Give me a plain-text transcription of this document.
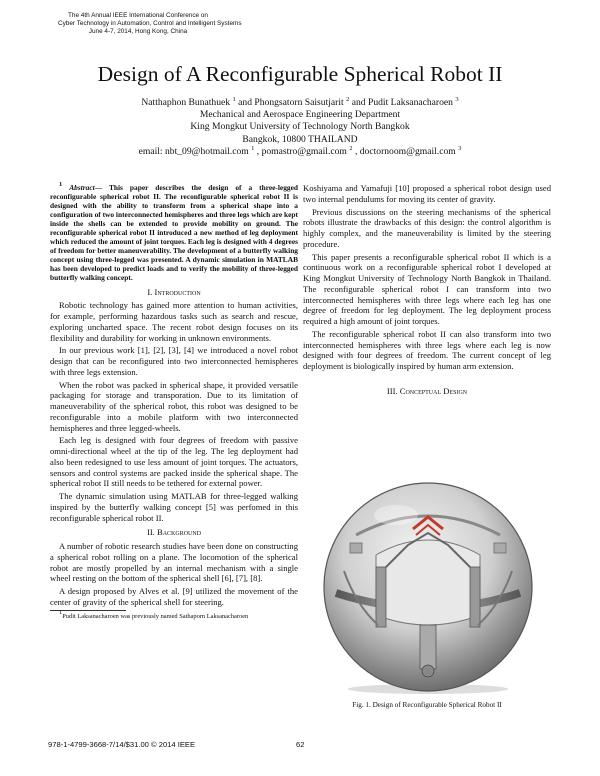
The 4th Annual IEEE International Conference on
Cyber Technology in Automation, Control and Intelligent Systems
June 4-7, 2014, Hong Kong, China
Design of A Reconfigurable Spherical Robot II
Natthaphon Bunathuek $^1$ and Phongsatorn Saisutjarit $^2$ and Pudit Laksanacharoen $^3$
Mechanical and Aerospace Engineering Department
King Mongkut University of Technology North Bangkok
Bangkok, 10800 THAILAND
email: nbt_09@hotmail.com $^1$ , pomastro@gmail.com $^2$ , doctornoom@gmail.com $^3$

$^1$ Abstract— This paper describes the design of a three-legged reconfigurable spherical robot II. The reconfigurable spherical robot II is designed with the ability to transform from a spherical shape into a configuration of two interconnected hemispheres and three legs which are kept inside the shells can be extended to provide mobility on ground. The reconfigurable spherical robot II introduced a new method of leg deployment which reduced the amount of joint torques. Each leg is designed with 4 degrees of freedom for better maneuverability. The development of a butterfly walking concept using three-legged was presented. A dynamic simulation in MATLAB has been developed to predict loads and to verify the mobility of three-legged butterfly walking concept.

I. Introduction

Robotic technology has gained more attention to human activities, for example, performing hazardous tasks such as search and rescue, exploring uncharted space. The recent robot design focuses on its flexibility and durability for working in unknown environments.

In our previous work [1], [2], [3], [4] we introduced a novel robot design that can be reconfigured into two interconnected hemispheres with three legs extension.

When the robot was packed in spherical shape, it provided versatile packaging for storage and transporation. Due to its limitation of maneuverability of the spherical robot, this robot was designed to be reconfigurable into a mobile platform with two interconnected hemispheres and three legged-wheels.

Each leg is designed with four degrees of freedom with passive omni-directional wheel at the tip of the leg. The leg deployment had also been redesigned to use less amount of joint torques. The actuators, sensors and control systems are packed inside the spherical shape. The spherical robot II still needs to be tethered for external power.

The dynamic simulation using MATLAB for three-legged walking inspired by the butterfly walking concept [5] was perfomed in this reconfigurable spherical robot II.

II. Background

A number of robotic research studies have been done on constructing a spherical robot rolling on a plane. The locomotion of the spherical robot are mostly propelled by an internal mechanism with a single wheel resting on the bottom of the spherical shell [6], [7], [8].

A design proposed by Alves et al. [9] utilized the movement of the center of gravity of the spherical shell for steering.

$^1$Pudit Laksanacharoen was previously named Sathaporn Laksanacharoen

Koshiyama and Yamafuji [10] proposed a spherical robot design used two internal pendulums for moving its center of gravity.

Previous discussions on the steering mechanisms of the spherical robots illustrate the drawbacks of this design: the control algorithm is highly complex, and the maneuverability is limited by the steering procedure.

This paper presents a reconfigurable spherical robot II which is a continuous work on a reconfigurable spherical robot I developed at King Mongkut University of Technology North Bangkok in Thailand. The reconfigurable spherical robot I can transform into two interconnected hemispheres with three legs where each leg has one degree of freedom for leg deployment. The leg deployment process required a high amount of joint torques.

The reconfigurable spherical robot II can also transform into two interconnected hemispheres with three legs where each leg is now designed with four degrees of freedom. The current concept of leg deployment is biologically inspired by human arm extension.

III. Conceptual Design
Fig. 1. Design of Reconfigurable Spherical Robot II
978-1-4799-3668-7/14/$31.00 © 2014 IEEE	62
